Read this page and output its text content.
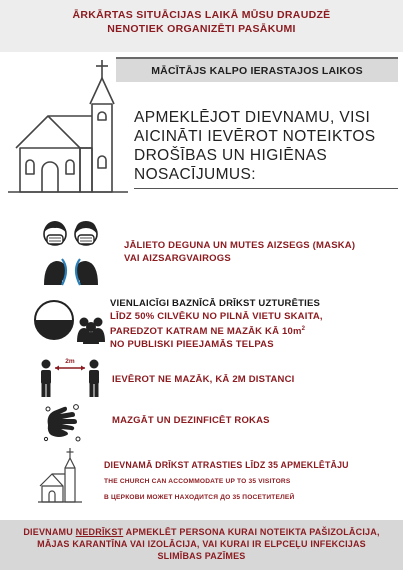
ĀRKĀRTAS SITUĀCIJAS LAIKĀ MŪSU DRAUDZĒ
NENOTIEK ORGANIZĒTI PASĀKUMI
MĀCĪTĀJS KALPO IERASTAJOS LAIKOS
APMEKLĒJOT DIEVNAMU, VISI
AICINĀTI IEVĒROT NOTEIKTOS
DROŠĪBAS UN HIGIĒNAS
NOSACĪJUMUS:
JĀLIETO DEGUNA UN MUTES AIZSEGS (MASKA)
VAI AIZSARGVAIROGS
VIENLAICĪGI BAZNĪCĀ DRĪKST UZTURĒTIES
LĪDZ 50% CILVĒKU NO PILNĀ VIETU SKAITA,
PAREDZOT KATRAM NE MAZĀK KĀ $10m^2$
NO PUBLISKI PIEEJAMĀS TELPAS
2m
IEVĒROT NE MAZĀK, KĀ 2M DISTANCI
MAZGĀT UN DEZINFICĒT ROKAS
DIEVNAMĀ DRĪKST ATRASTIES LĪDZ 35 APMEKLĒTĀJU
THE CHURCH CAN ACCOMMODATE UP TO 35 VISITORS
В ЦЕРКОВИ МОЖЕТ НАХОДИТСЯ ДО 35 ПОСЕТИТЕЛЕЙ
DIEVNAMU NEDRĪKST APMEKLĒT PERSONA KURAI NOTEIKTA PAŠIZOLĀCIJA,
MĀJAS KARANTĪNA VAI IZOLĀCIJA, VAI KURAI IR ELPCEĻU INFEKCIJAS
SLIMĪBAS PAZĪMES
